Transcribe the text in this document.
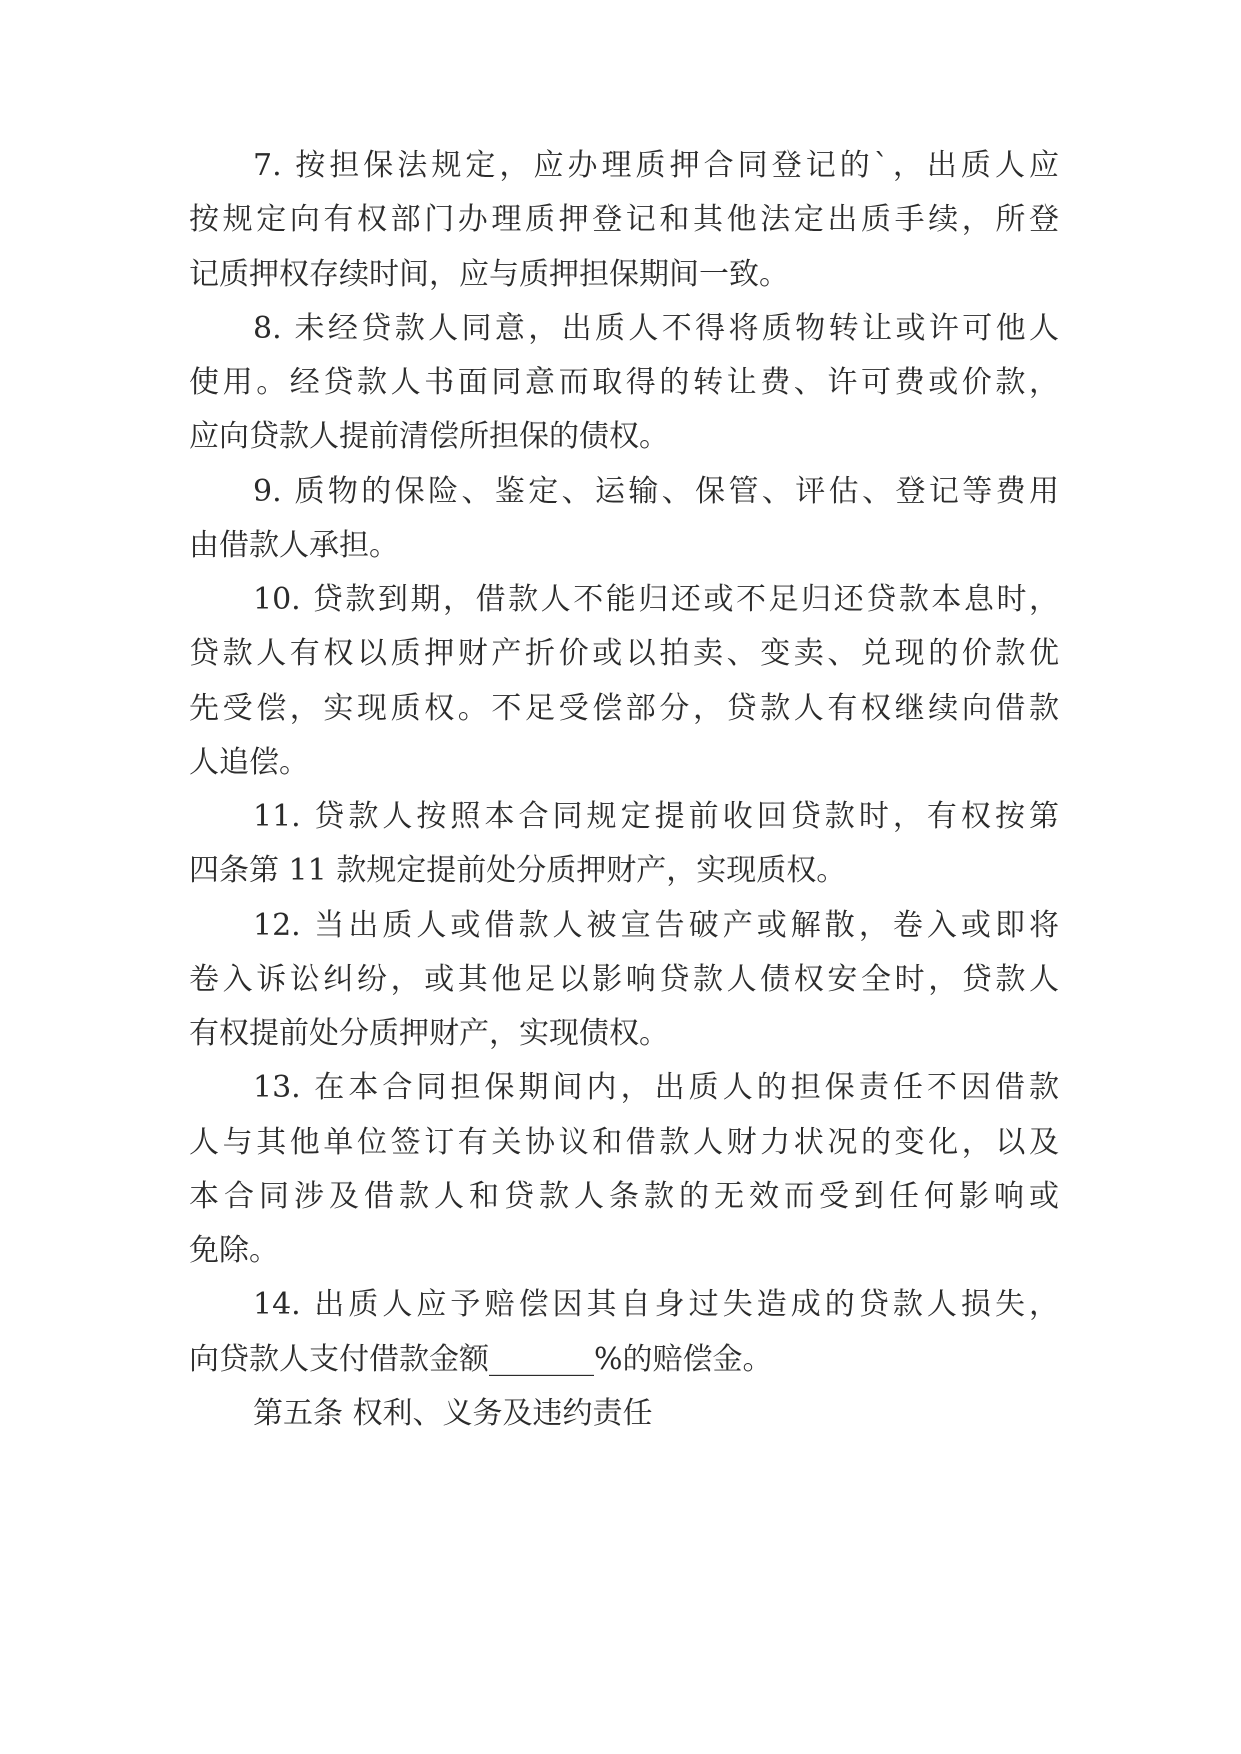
7. 按担保法规定，应办理质押合同登记的`，出质人应
按规定向有权部门办理质押登记和其他法定出质手续，所登
记质押权存续时间，应与质押担保期间一致。
8. 未经贷款人同意，出质人不得将质物转让或许可他人
使用。经贷款人书面同意而取得的转让费、许可费或价款，
应向贷款人提前清偿所担保的债权。
9. 质物的保险、鉴定、运输、保管、评估、登记等费用
由借款人承担。
10. 贷款到期，借款人不能归还或不足归还贷款本息时，
贷款人有权以质押财产折价或以拍卖、变卖、兑现的价款优
先受偿，实现质权。不足受偿部分，贷款人有权继续向借款
人追偿。
11. 贷款人按照本合同规定提前收回贷款时，有权按第
四条第 11 款规定提前处分质押财产，实现质权。
12. 当出质人或借款人被宣告破产或解散，卷入或即将
卷入诉讼纠纷，或其他足以影响贷款人债权安全时，贷款人
有权提前处分质押财产，实现债权。
13. 在本合同担保期间内，出质人的担保责任不因借款
人与其他单位签订有关协议和借款人财力状况的变化，以及
本合同涉及借款人和贷款人条款的无效而受到任何影响或
免除。
14. 出质人应予赔偿因其自身过失造成的贷款人损失，
向贷款人支付借款金额_______%的赔偿金。
第五条 权利、义务及违约责任
